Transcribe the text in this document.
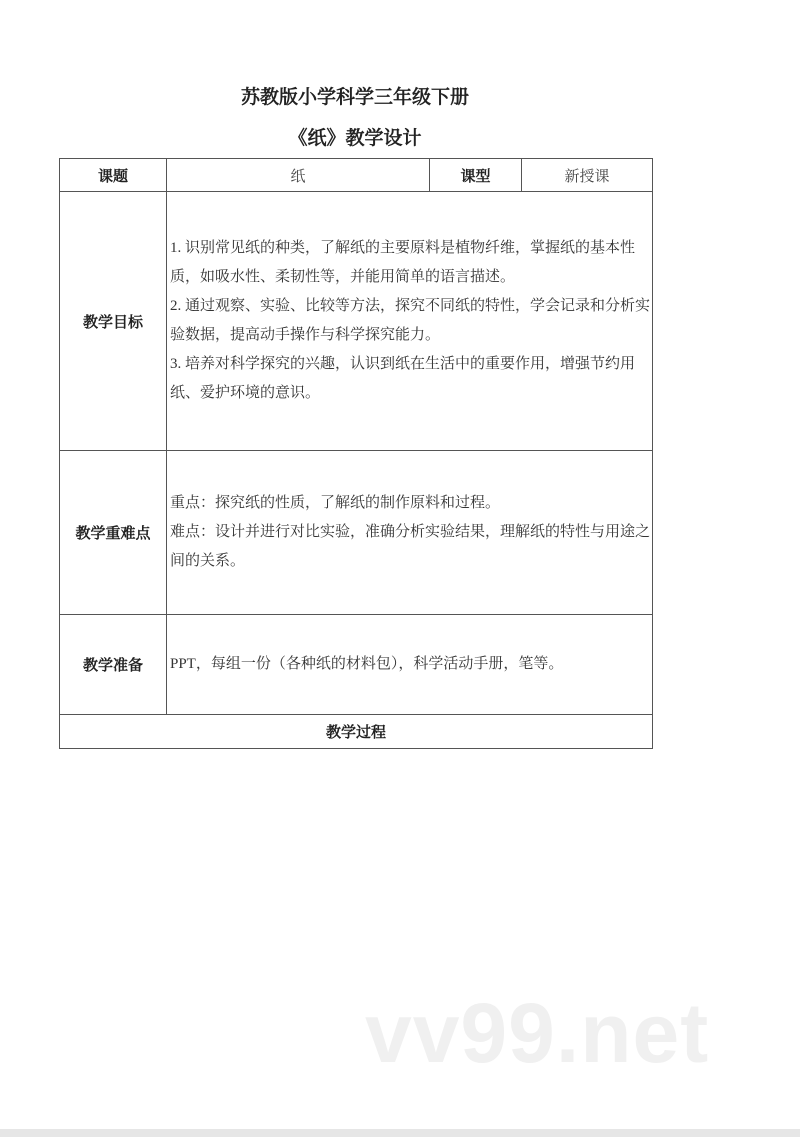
苏教版小学科学三年级下册
《纸》教学设计
课题	纸	课型	新授课
教学目标	1. 识别常见纸的种类，了解纸的主要原料是植物纤维，掌握纸的基本性质，如吸水性、柔韧性等，并能用简单的语言描述。
2. 通过观察、实验、比较等方法，探究不同纸的特性，学会记录和分析实验数据，提高动手操作与科学探究能力。
3. 培养对科学探究的兴趣，认识到纸在生活中的重要作用，增强节约用纸、爱护环境的意识。		

教学重难点	重点：探究纸的性质，了解纸的制作原料和过程。
难点：设计并进行对比实验，准确分析实验结果，理解纸的特性与用途之间的关系。		

教学准备	PPT，每组一份（各种纸的材料包），科学活动手册，笔等。		
教学过程			
vv99.net
